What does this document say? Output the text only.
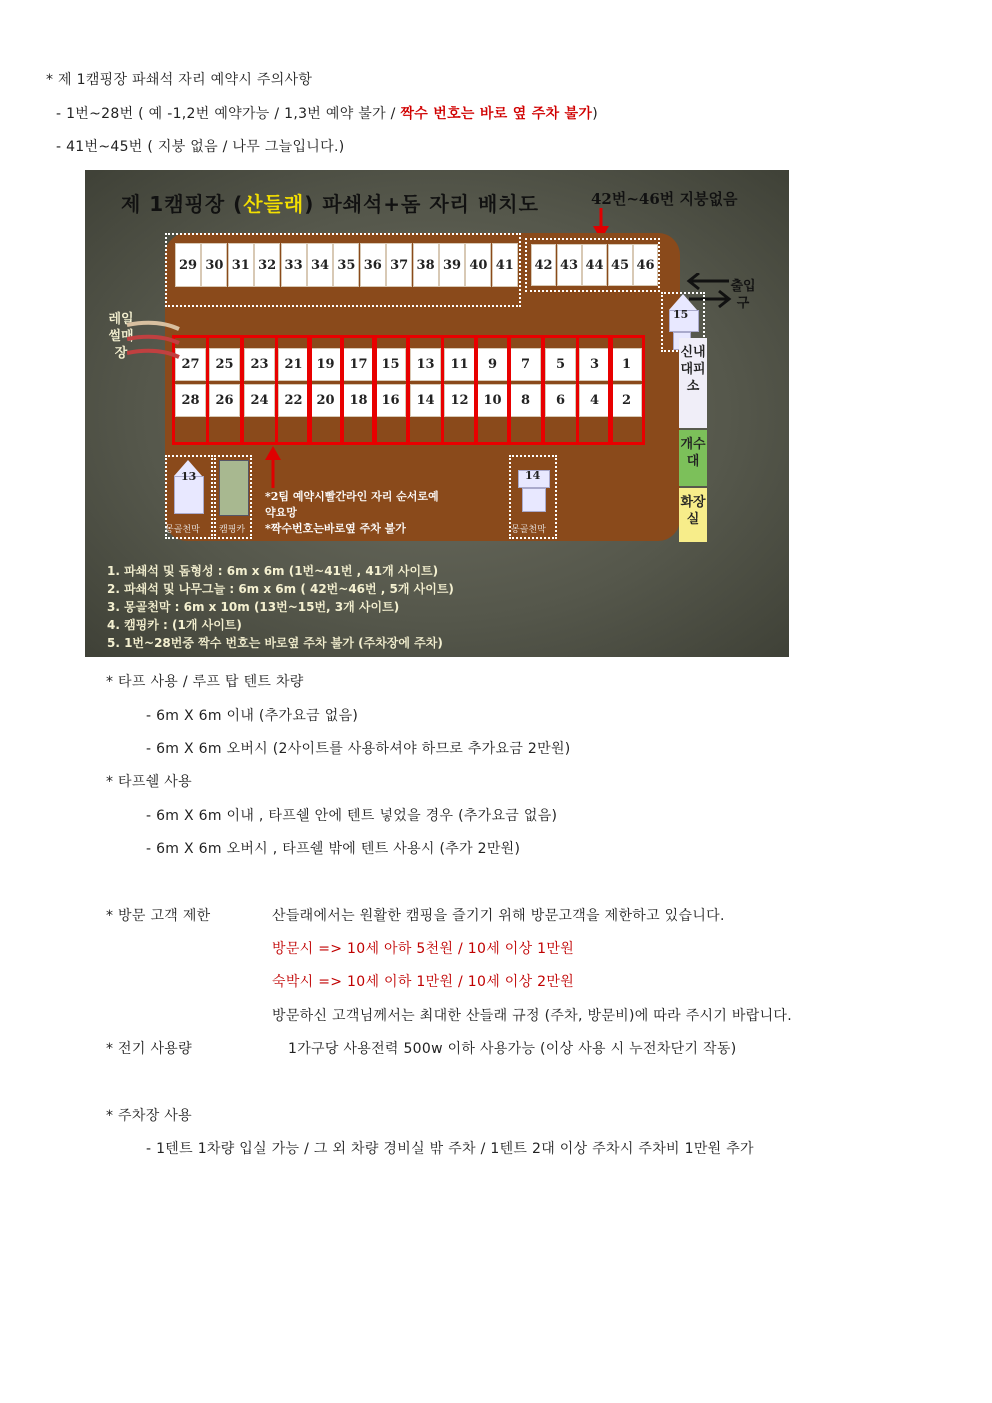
* 제 1캠핑장 파쇄석 자리 예약시 주의사항
- 1번~28번 ( 예 -1,2번 예약가능 / 1,3번 예약 불가 / 짝수 번호는 바로 옆 주차 불가)
- 41번~45번 ( 지붕 없음 / 나무 그늘입니다.)
제 1캠핑장 (산들래) 파쇄석+돔 자리 배치도	42번~46번 지붕없음
29 30 31 32 33 34 35 36 37 38 39 40 41	42 43 44 45 46
27	25	23	21	19	17	15	13	11	9	7	5	3	1
28	26	24	22	20	18	16	14	12	10	8	6	4	2
레일썰매장
출입구
15
신내대피소
개수대
화장실
13
몽골천막 캠핑카
*2팀 예약시빨간라인 자리 순서로예
약요망
*짝수번호는바로옆 주차 불가
14
몽골천막
1. 파쇄석 및 돔형성 : 6m x 6m (1번~41번 , 41개 사이트)
2. 파쇄석 및 나무그늘 : 6m x 6m ( 42번~46번 , 5개 사이트)
3. 몽골천막 : 6m x 10m (13번~15번, 3개 사이트)
4. 캠핑카 : (1개 사이트)
5. 1번~28번중 짝수 번호는 바로옆 주차 불가 (주차장에 주차)
* 타프 사용 / 루프 탑 텐트 차량
- 6m X 6m 이내 (추가요금 없음)
- 6m X 6m 오버시 (2사이트를 사용하셔야 하므로 추가요금 2만원)
* 타프쉘 사용
- 6m X 6m 이내 , 타프쉘 안에 텐트 넣었을 경우 (추가요금 없음)
- 6m X 6m 오버시 , 타프쉘 밖에 텐트 사용시 (추가 2만원)
* 방문 고객 제한	산들래에서는 원활한 캠핑을 즐기기 위해 방문고객을 제한하고 있습니다.
방문시 => 10세 아하 5천원 / 10세 이상 1만원
숙박시 => 10세 이하 1만원 / 10세 이상 2만원
방문하신 고객님께서는 최대한 산들래 규정 (주차, 방문비)에 따라 주시기 바랍니다.
* 전기 사용량	1가구당 사용전력 500w 이하 사용가능 (이상 사용 시 누전차단기 작동)
* 주차장 사용
- 1텐트 1차량 입실 가능 / 그 외 차량 경비실 밖 주차 / 1텐트 2대 이상 주차시 주차비 1만원 추가
